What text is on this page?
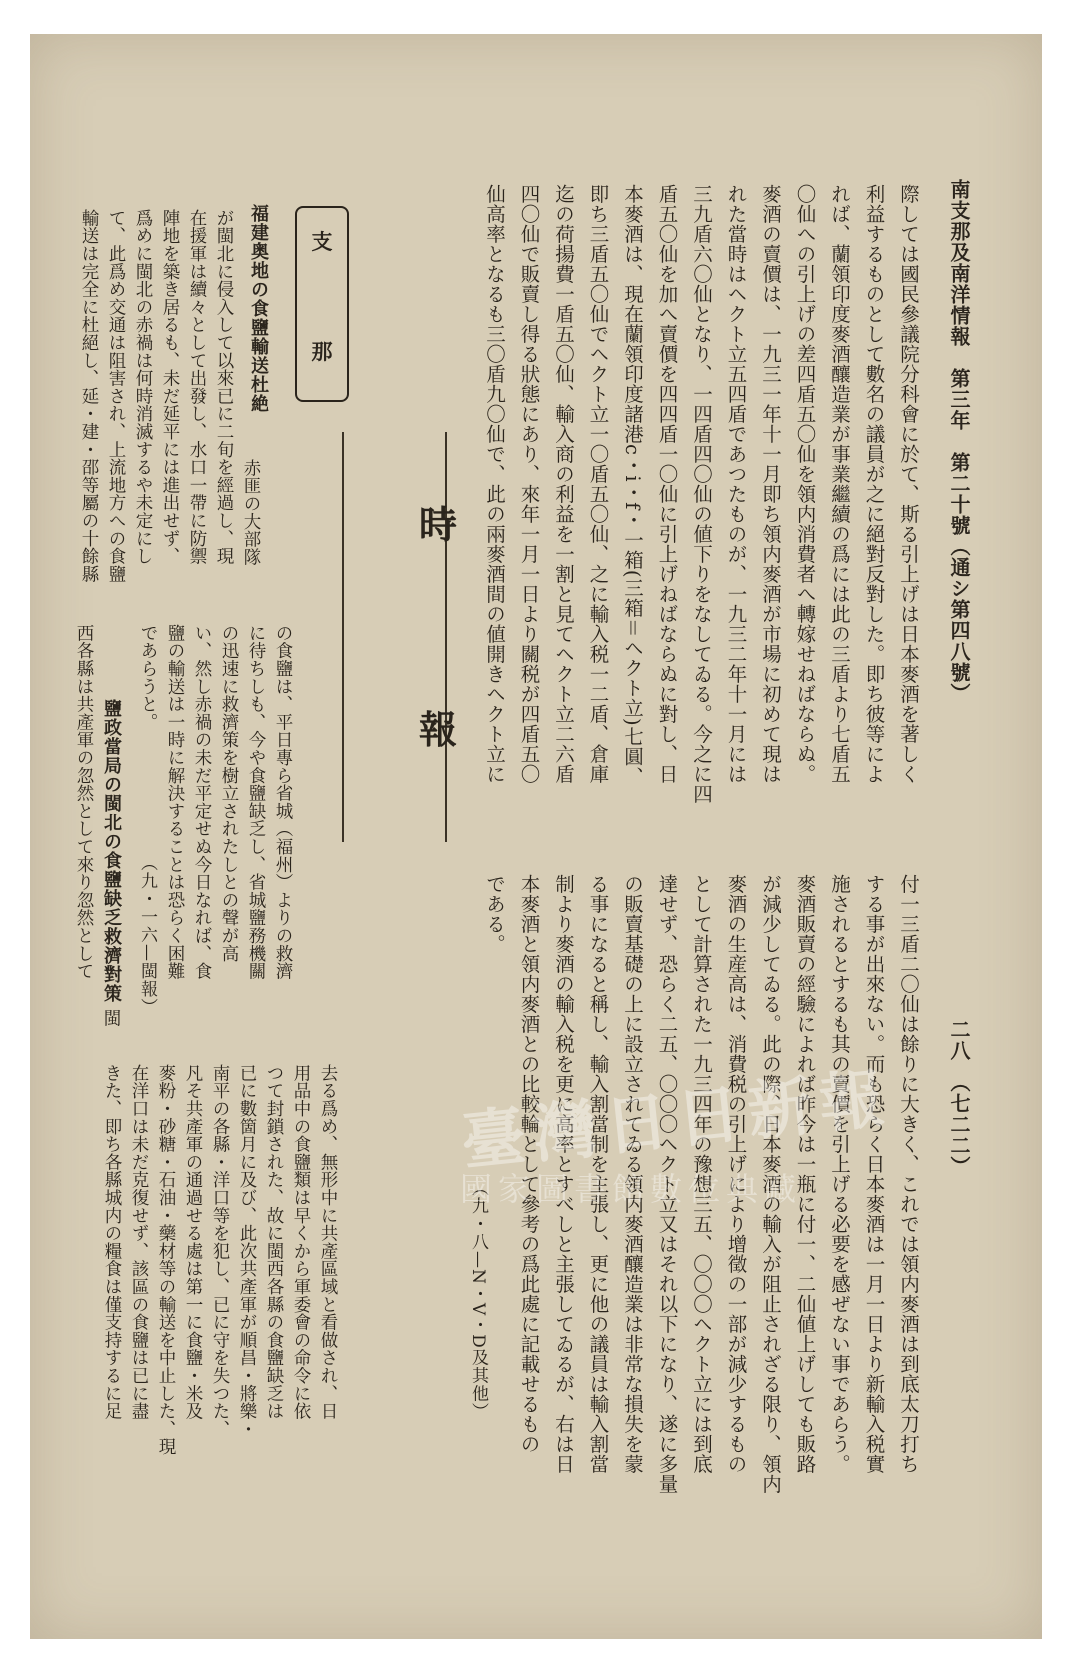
南支那及南洋情報　第三年　第二十號（通シ第四八號）
二八　（七二二）
際しては國民參議院分科會に於て、斯る引上げは日本麥酒を著しく
利益するものとして數名の議員が之に絕對反對した。即ち彼等によ
れば、蘭領印度麥酒釀造業が事業繼續の爲には此の三盾より七盾五
〇仙への引上げの差四盾五〇仙を領内消費者へ轉嫁せねばならぬ。
麥酒の賣價は、一九三一年十一月即ち領内麥酒が市場に初めて現は
れた當時はヘクト立五四盾であつたものが、一九三二年十一月には
三九盾六〇仙となり、一四盾四〇仙の値下りをなしてゐる。今之に四
盾五〇仙を加へ賣價を四四盾一〇仙に引上げねばならぬに對し、日
本麥酒は、現在蘭領印度諸港c・i・f・一箱(三箱＝ヘクト立)七圓、
即ち三盾五〇仙でヘクト立一〇盾五〇仙、之に輸入税一二盾、倉庫
迄の荷揚費一盾五〇仙、輸入商の利益を一割と見てヘクト立二六盾
四〇仙で販賣し得る狀態にあり、來年一月一日より關税が四盾五〇
仙高率となるも三〇盾九〇仙で、此の兩麥酒間の値開きヘクト立に
付一三盾二〇仙は餘りに大きく、これでは領内麥酒は到底太刀打ち
する事が出來ない。而も恐らく日本麥酒は一月一日より新輸入税實
施されるとするも其の賣價を引上げる必要を感ぜない事であらう。
麥酒販賣の經驗によれば昨今は一瓶に付一、二仙値上げしても販路
が減少してゐる。此の際、日本麥酒の輸入が阻止されざる限り、領内
麥酒の生産高は、消費税の引上げにより增徵の一部が減少するもの
として計算された一九三四年の豫想三五、〇〇〇ヘクト立には到底
達せず、恐らく二五、〇〇〇ヘクト立又はそれ以下になり、遂に多量
の販賣基礎の上に設立されてゐる領内麥酒釀造業は非常な損失を蒙
る事になると稱し、輸入割當制を主張し、更に他の議員は輸入割當
制より麥酒の輸入税を更に高率とすべしと主張してゐるが、右は日
本麥酒と領内麥酒との比較輪として參考の爲此處に記載せるもの
である。
（九・八—N・V・D及其他）
時
報
支
那
福建奥地の食鹽輸送杜絶
赤匪の大部隊
が閩北に侵入して以來已に二旬を經過し、現
在援軍は續々として出發し、水口一帶に防禦
陣地を築き居るも、未だ延平には進出せず、
爲めに閩北の赤禍は何時消滅するや未定にし
て、此爲め交通は阻害され、上流地方への食鹽
輸送は完全に杜絕し、延・建・邵等屬の十餘縣
の食鹽は、平日專ら省城（福州）よりの救濟
に待ちしも、今や食鹽缺乏し、省城鹽務機關
の迅速に救濟策を樹立されたしとの聲が高
い、然し赤禍の未だ平定せぬ今日なれば、食
鹽の輸送は一時に解決することは恐らく困難
であらうと。
（九・一六—閩報）
鹽政當局の閩北の食鹽缺乏救濟對策
閩
西各縣は共產軍の忽然として來り忽然として
去る爲め、無形中に共產區域と看做され、日
用品中の食鹽類は早くから軍委會の命令に依
つて封鎖された、故に閩西各縣の食鹽缺乏は
已に數箇月に及び、此次共產軍が順昌・將樂・
南平の各縣・洋口等を犯し、已に守を失つた、
凡そ共產軍の通過せる處は第一に食鹽・米及
麥粉・砂糖・石油・藥材等の輸送を中止した、現
在洋口は未だ克復せず、該區の食鹽は已に盡
きた、即ち各縣城内の糧食は僅支持するに足	臺灣日日新報
國家圖書館數位典藏
